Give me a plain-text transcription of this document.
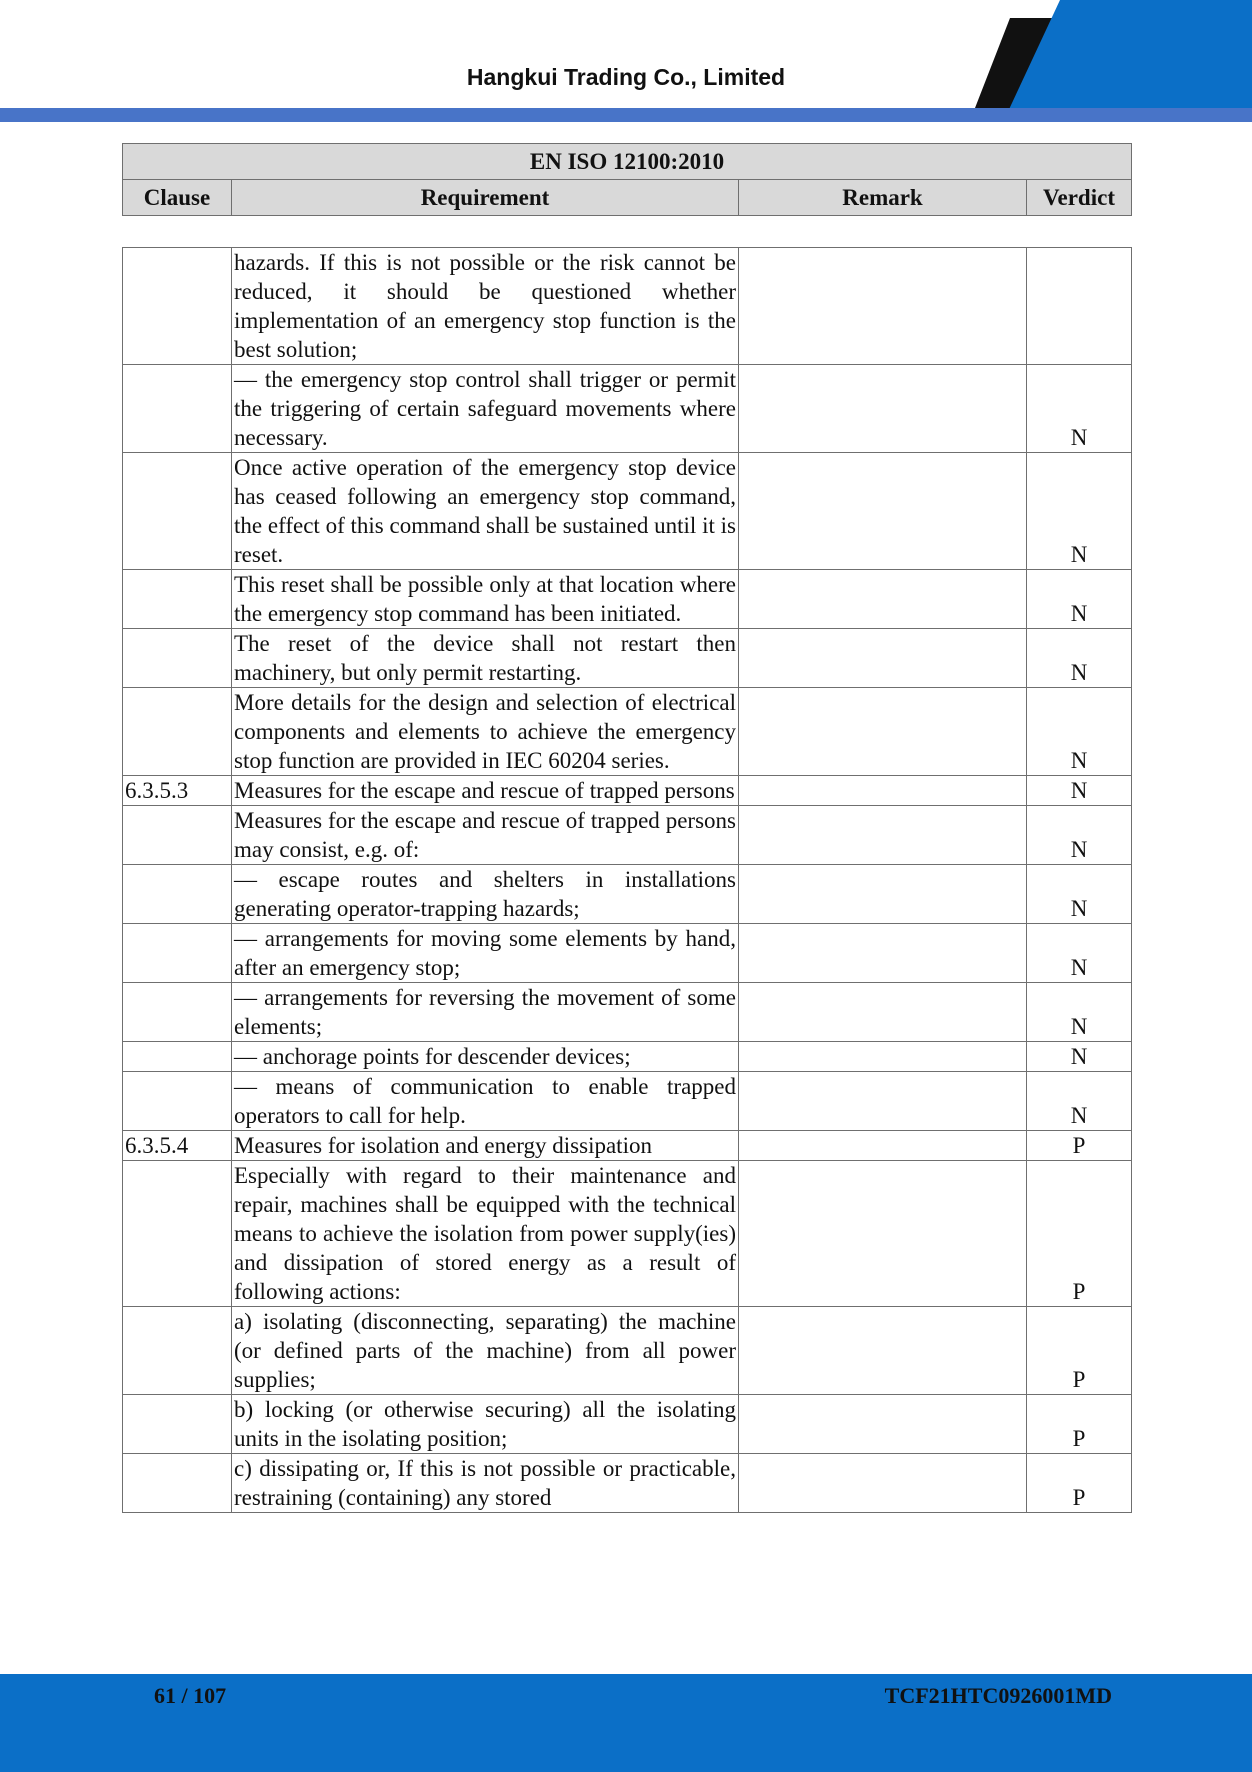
Hangkui Trading Co., Limited
EN ISO 12100:2010
Clause	Requirement	Remark	Verdict
	hazards. If this is not possible or the risk cannot be reduced, it should be questioned whether implementation of an emergency stop function is the best solution;		
	— the emergency stop control shall trigger or permit the triggering of certain safeguard movements where necessary.		N
	Once active operation of the emergency stop device has ceased following an emergency stop command, the effect of this command shall be sustained until it is reset.		N
	This reset shall be possible only at that location where the emergency stop command has been initiated.		N
	The reset of the device shall not restart then machinery, but only permit restarting.		N
	More details for the design and selection of electrical components and elements to achieve the emergency stop function are provided in IEC 60204 series.		N
6.3.5.3	Measures for the escape and rescue of trapped persons		N
	Measures for the escape and rescue of trapped persons may consist, e.g. of:		N
	— escape routes and shelters in installations generating operator-trapping hazards;		N
	— arrangements for moving some elements by hand, after an emergency stop;		N
	— arrangements for reversing the movement of some elements;		N
	— anchorage points for descender devices;		N
	— means of communication to enable trapped operators to call for help.		N
6.3.5.4	Measures for isolation and energy dissipation		P
	Especially with regard to their maintenance and repair, machines shall be equipped with the technical means to achieve the isolation from power supply(ies) and dissipation of stored energy as a result of following actions:		P
	a) isolating (disconnecting, separating) the machine (or defined parts of the machine) from all power supplies;		P
	b) locking (or otherwise securing) all the isolating units in the isolating position;		P
	c) dissipating or, If this is not possible or practicable, restraining (containing) any stored		P
61 / 107	TCF21HTC0926001MD
